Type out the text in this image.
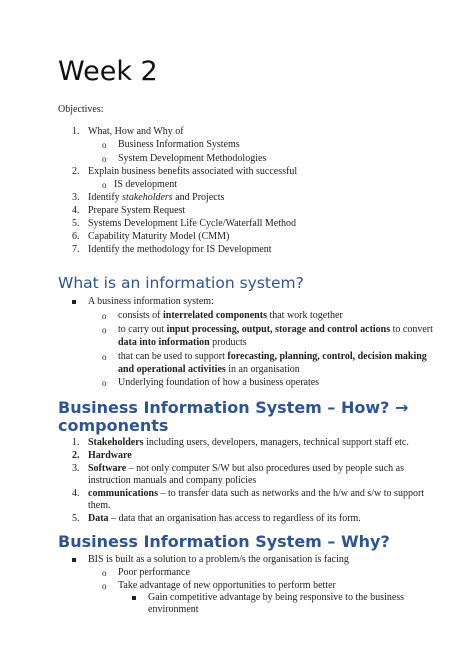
Week 2
Objectives:
1. What, How and Why of
o Business Information Systems
o System Development Methodologies
2. Explain business benefits associated with successful
o IS development
3. Identify stakeholders and Projects
4. Prepare System Request
5. Systems Development Life Cycle/Waterfall Method
6. Capability Maturity Model (CMM)
7. Identify the methodology for IS Development
What is an information system?
A business information system:
o consists of interrelated components that work together
o to carry out input processing, output, storage and control actions to convert
data into information products
o that can be used to support forecasting, planning, control, decision making
and operational activities in an organisation
o Underlying foundation of how a business operates
Business Information System – How? →
components
1. Stakeholders including users, developers, managers, technical support staff etc.
2. Hardware
3. Software – not only computer S/W but also procedures used by people such as
instruction manuals and company policies
4. communications – to transfer data such as networks and the h/w and s/w to support
them.
5. Data – data that an organisation has access to regardless of its form.
Business Information System – Why?
BIS is built as a solution to a problem/s the organisation is facing
o Poor performance
o Take advantage of new opportunities to perform better
Gain competitive advantage by being responsive to the business
environment
